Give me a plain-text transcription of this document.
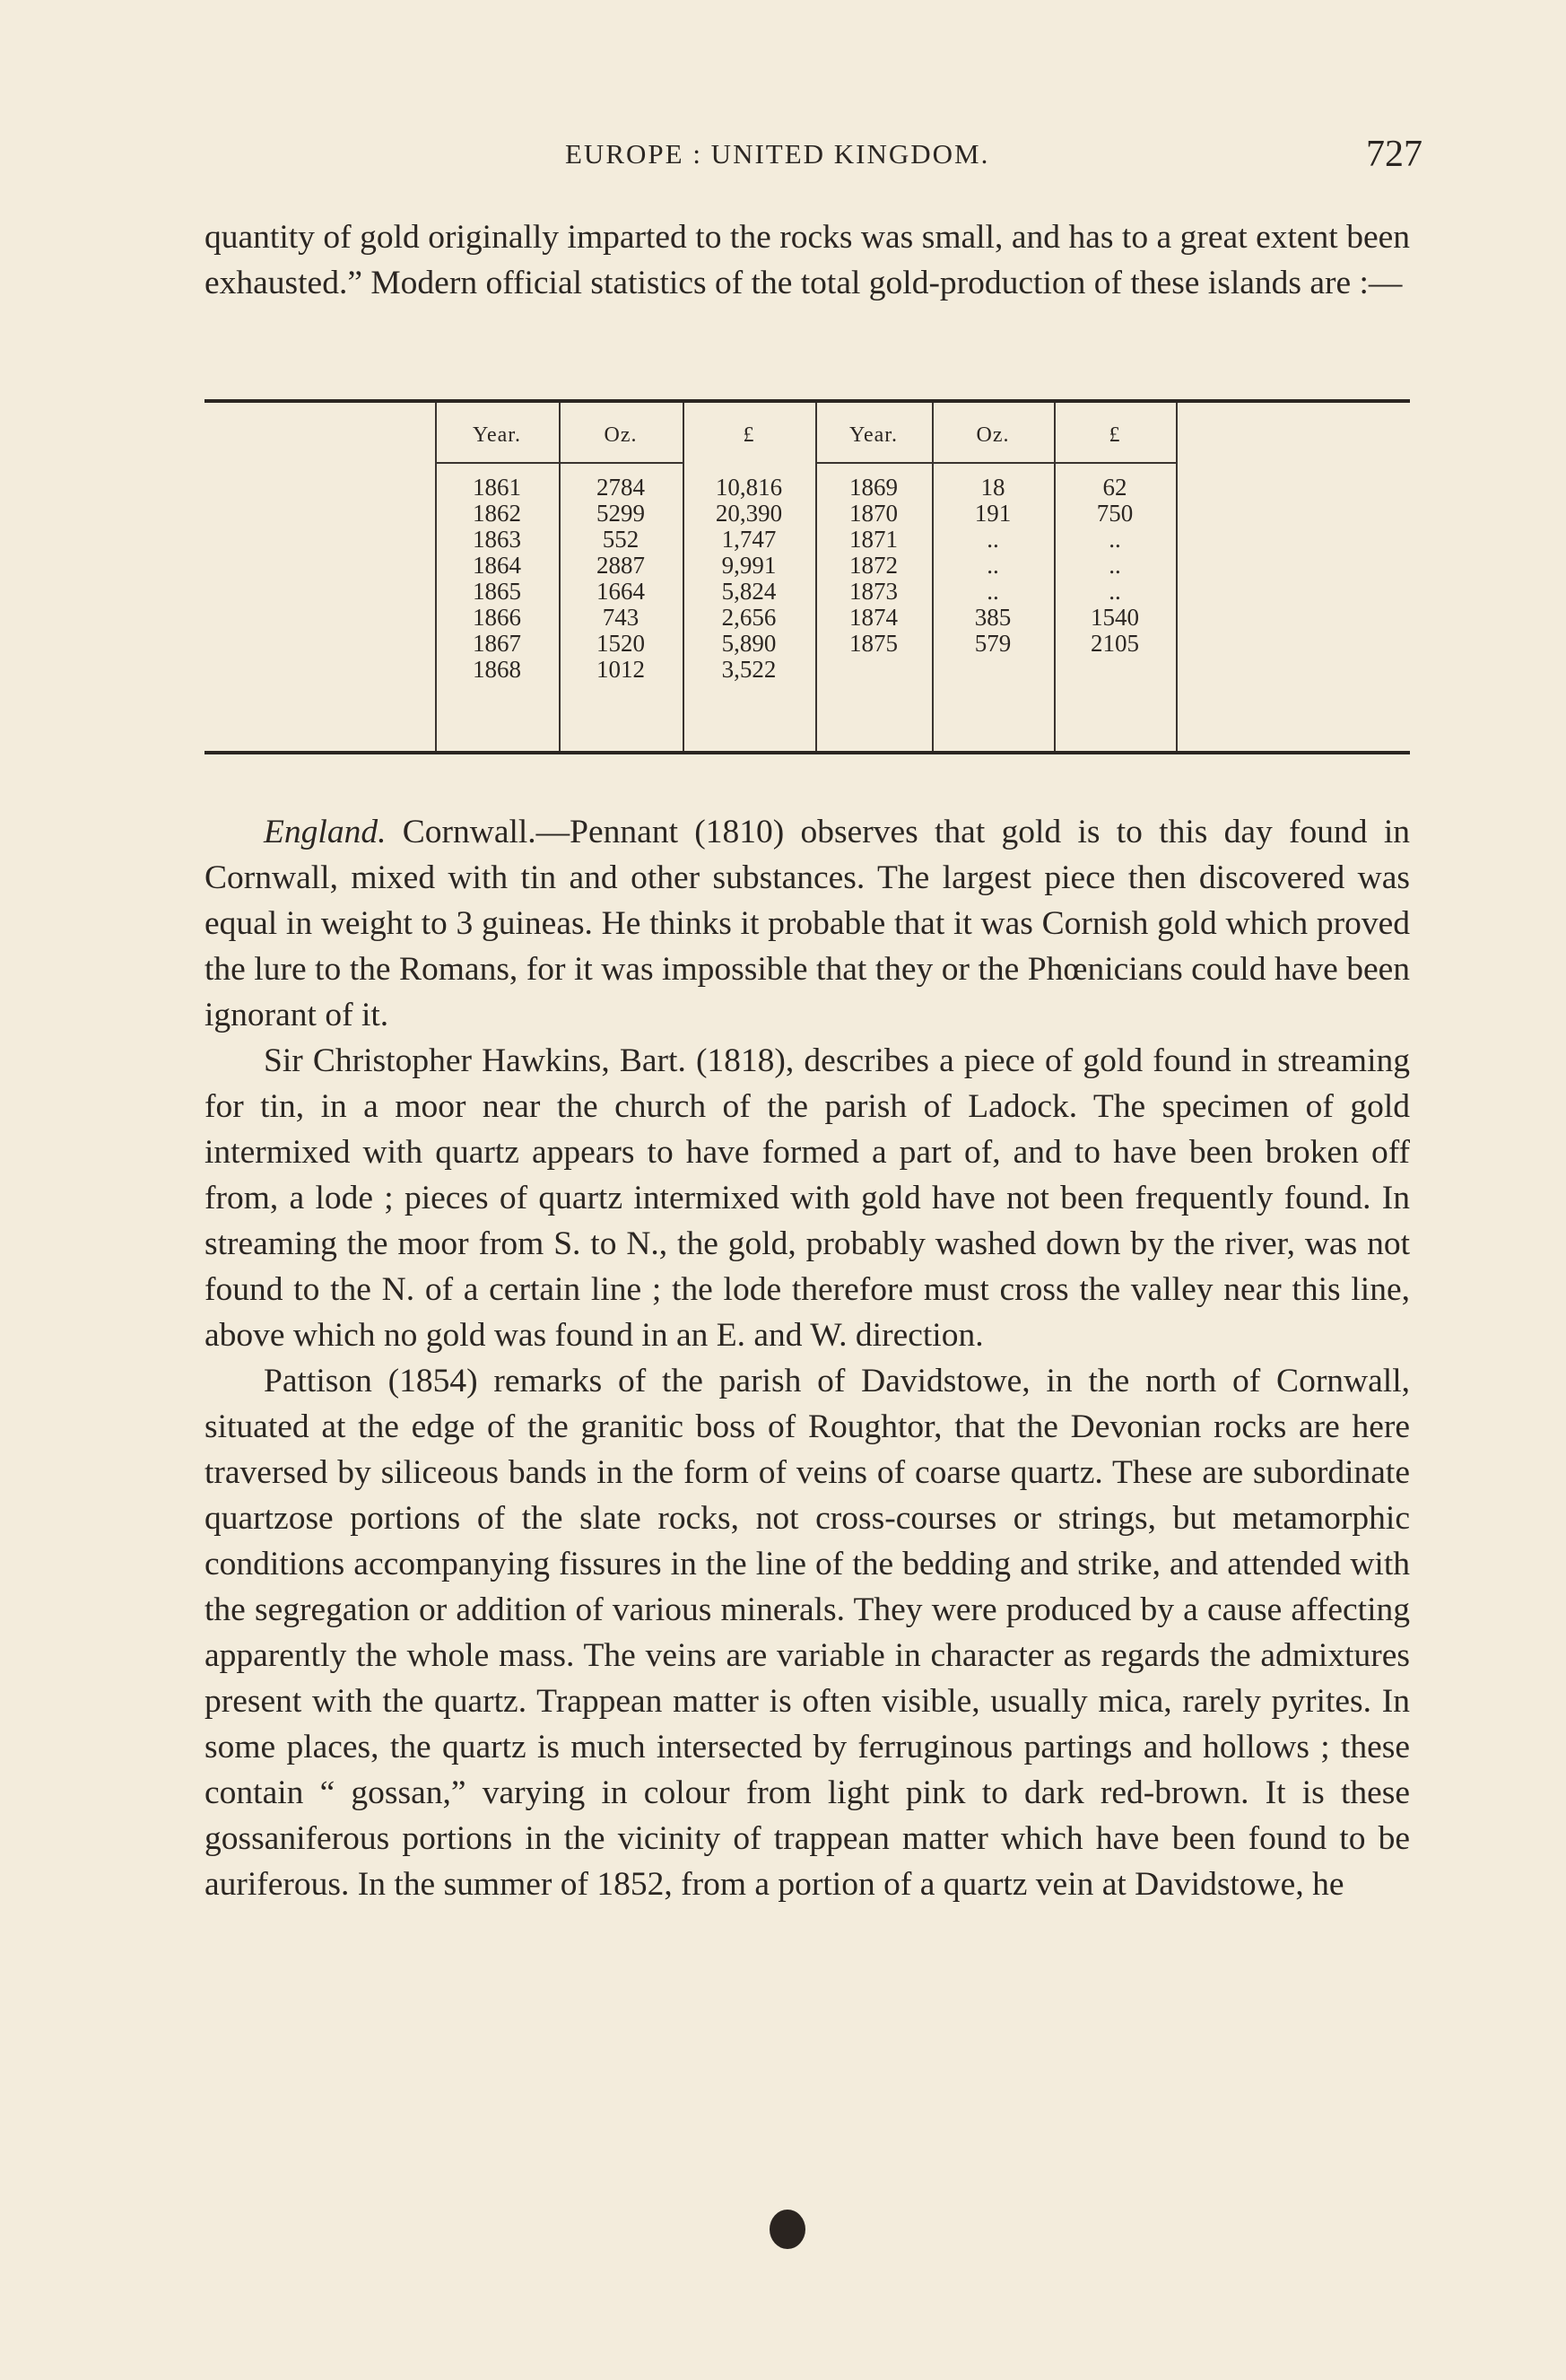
EUROPE : UNITED KINGDOM.	727

quantity of gold originally imparted to the rocks was small, and has to a great extent been exhausted.” Modern official statistics of the total gold-production of these islands are :—

Year.
1861
1862
1863
1864
1865
1866
1867
1868
Oz.
2784
5299
552
2887
1664
743
1520
1012
£
10,816
20,390
1,747
9,991
5,824
2,656
5,890
3,522
Year.
1869
1870
1871
1872
1873
1874
1875
Oz.
18
191
..
..
..
385
579
£
62
750
..
..
..
1540
2105

England. Cornwall.—Pennant (1810) observes that gold is to this day found in Cornwall, mixed with tin and other substances. The largest piece then discovered was equal in weight to 3 guineas. He thinks it probable that it was Cornish gold which proved the lure to the Romans, for it was impossible that they or the Phœnicians could have been ignorant of it.

Sir Christopher Hawkins, Bart. (1818), describes a piece of gold found in streaming for tin, in a moor near the church of the parish of Ladock. The specimen of gold intermixed with quartz appears to have formed a part of, and to have been broken off from, a lode ; pieces of quartz intermixed with gold have not been frequently found. In streaming the moor from S. to N., the gold, probably washed down by the river, was not found to the N. of a certain line ; the lode therefore must cross the valley near this line, above which no gold was found in an E. and W. direction.

Pattison (1854) remarks of the parish of Davidstowe, in the north of Cornwall, situated at the edge of the granitic boss of Roughtor, that the Devonian rocks are here traversed by siliceous bands in the form of veins of coarse quartz. These are subordinate quartzose portions of the slate rocks, not cross-courses or strings, but metamorphic conditions accompanying fissures in the line of the bedding and strike, and attended with the segregation or addition of various minerals. They were produced by a cause affecting apparently the whole mass. The veins are variable in character as regards the admixtures present with the quartz. Trappean matter is often visible, usually mica, rarely pyrites. In some places, the quartz is much intersected by ferruginous partings and hollows ; these contain “ gossan,” varying in colour from light pink to dark red-brown. It is these gossaniferous portions in the vicinity of trappean matter which have been found to be auriferous. In the summer of 1852, from a portion of a quartz vein at Davidstowe, he
